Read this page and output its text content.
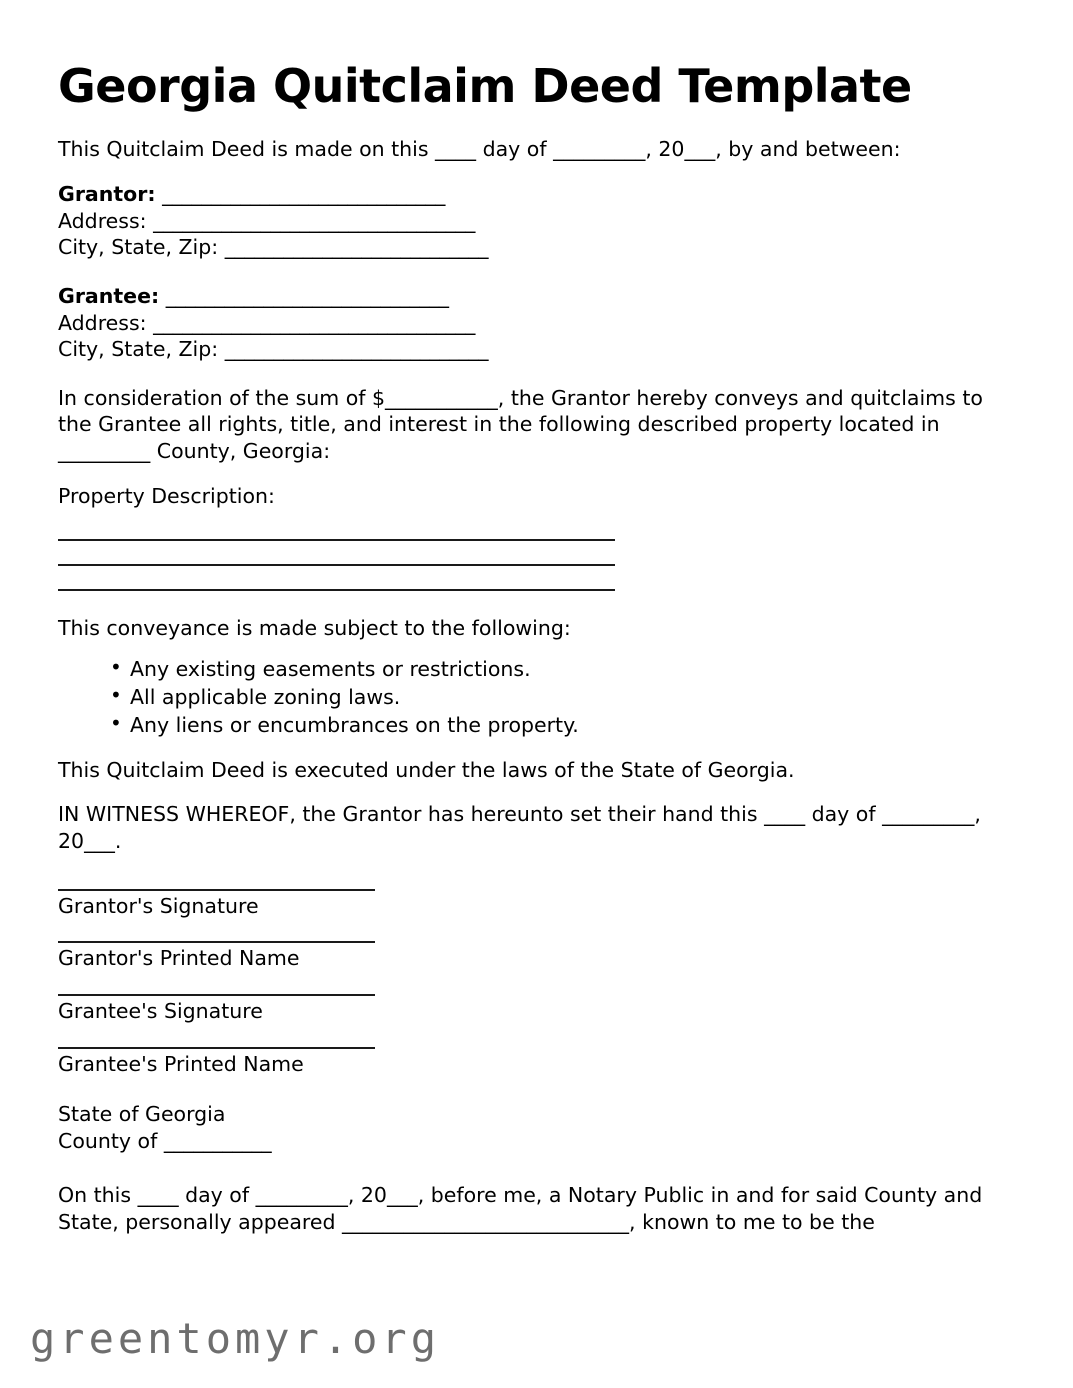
Georgia Quitclaim Deed Template

This Quitclaim Deed is made on this ____ day of _________, 20___, by and between:

Grantor: _____________________________
Address: _________________________________
City, State, Zip: ___________________________
Grantee: _____________________________
Address: _________________________________
City, State, Zip: ___________________________

In consideration of the sum of $___________, the Grantor hereby conveys and quitclaims to the Grantee all rights, title, and interest in the following described property located in _________ County, Georgia:

Property Description:

This conveyance is made subject to the following:

• Any existing easements or restrictions.
• All applicable zoning laws.
• Any liens or encumbrances on the property.

This Quitclaim Deed is executed under the laws of the State of Georgia.

IN WITNESS WHEREOF, the Grantor has hereunto set their hand this ____ day of _________, 20___.

Grantor's Signature
Grantor's Printed Name
Grantee's Signature
Grantee's Printed Name
State of Georgia
County of ___________

On this ____ day of _________, 20___, before me, a Notary Public in and for said County and State, personally appeared ____________________________, known to me to be the

greentomyr.org
